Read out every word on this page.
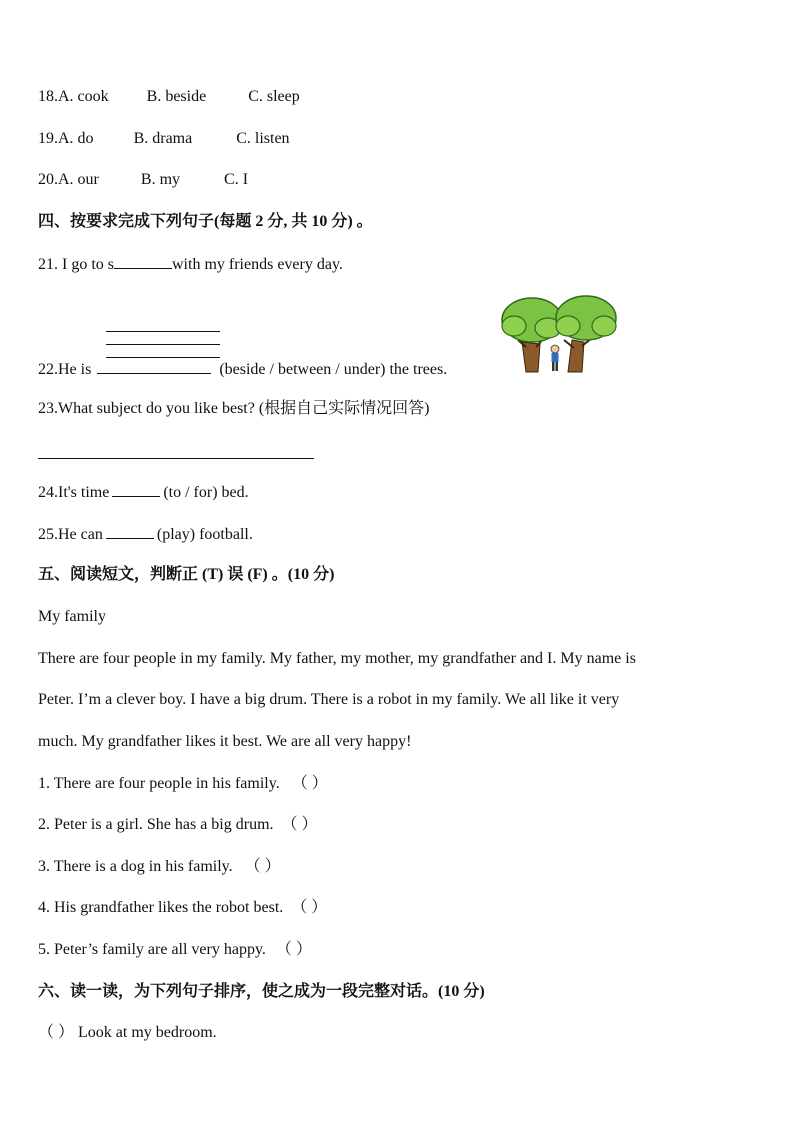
18.A. cook B. beside	C. sleep
19.A. do	B. drama	C. listen
20.A. our	B. my	C. I
四、按要求完成下列句子(每题 2 分, 共 10 分) 。
21. I go to s	with my friends every day.
22.He is	(beside / between / under) the trees.
23.What subject do you like best? (根据自己实际情况回答)
24.It's time	(to / for) bed.
25.He can	(play) football.
五、阅读短文，判断正 (T) 误 (F) 。(10 分)
My family
There are four people in my family. My father, my mother, my grandfather and I. My name is
Peter. I’m a clever boy. I have a big drum. There is a robot in my family. We all like it very
much. My grandfather likes it best. We are all very happy!
1. There are four people in his family. （ ）
2. Peter is a girl. She has a big drum. （ ）
3. There is a dog in his family. （ ）
4. His grandfather likes the robot best. （ ）
5. Peter’s family are all very happy. （ ）
六、读一读，为下列句子排序，使之成为一段完整对话。(10 分)
（ ） Look at my bedroom.
